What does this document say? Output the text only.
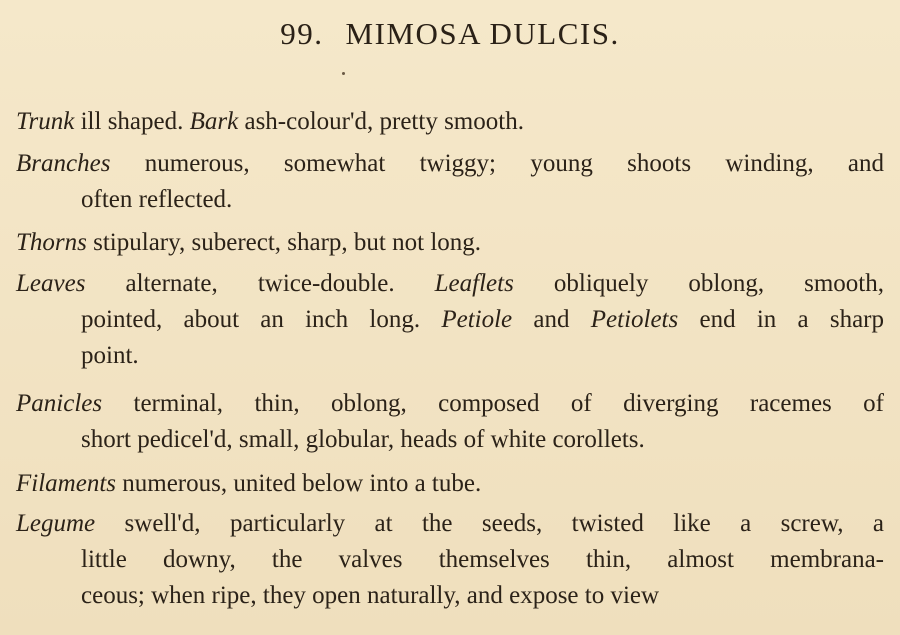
99. MIMOSA DULCIS.
Trunk ill shaped. Bark ash-colour'd, pretty smooth.
Branches numerous, somewhat twiggy; young shoots winding, and
often reflected.
Thorns stipulary, suberect, sharp, but not long.
Leaves alternate, twice-double. Leaflets obliquely oblong, smooth,
pointed, about an inch long. Petiole and Petiolets end in a sharp
point.
Panicles terminal, thin, oblong, composed of diverging racemes of
short pedicel'd, small, globular, heads of white corollets.
Filaments numerous, united below into a tube.
Legume swell'd, particularly at the seeds, twisted like a screw, a
little downy, the valves themselves thin, almost membrana-
ceous; when ripe, they open naturally, and expose to view
